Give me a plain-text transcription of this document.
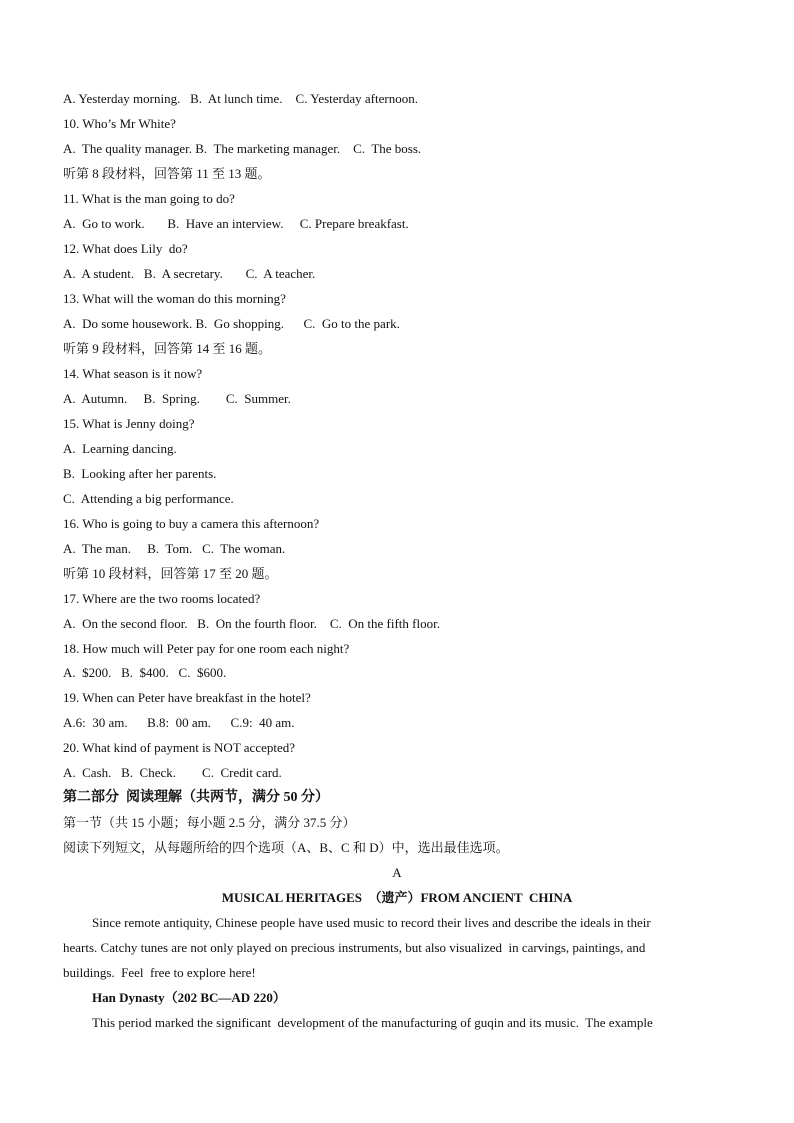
A. Yesterday morning.   B.  At lunch time.    C. Yesterday afternoon.
10. Who’s Mr White?
A.  The quality manager. B.  The marketing manager.    C.  The boss.
听第 8 段材料，回答第 11 至 13 题。
11. What is the man going to do?
A.  Go to work.       B.  Have an interview.     C. Prepare breakfast.
12. What does Lily  do?
A.  A student.   B.  A secretary.       C.  A teacher.
13. What will the woman do this morning?
A.  Do some housework. B.  Go shopping.      C.  Go to the park.
听第 9 段材料，回答第 14 至 16 题。
14. What season is it now?
A.  Autumn.     B.  Spring.        C.  Summer.
15. What is Jenny doing?
A.  Learning dancing.
B.  Looking after her parents.
C.  Attending a big performance.
16. Who is going to buy a camera this afternoon?
A.  The man.     B.  Tom.   C.  The woman.
听第 10 段材料，回答第 17 至 20 题。
17. Where are the two rooms located?
A.  On the second floor.   B.  On the fourth floor.    C.  On the fifth floor.
18. How much will Peter pay for one room each night?
A.  $200.   B.  $400.   C.  $600.
19. When can Peter have breakfast in the hotel?
A.6:  30 am.      B.8:  00 am.      C.9:  40 am.
20. What kind of payment is NOT accepted?
A.  Cash.   B.  Check.        C.  Credit card.
第二部分  阅读理解（共两节，满分 50 分）
第一节（共 15 小题；每小题 2.5 分，满分 37.5 分）
阅读下列短文，从每题所给的四个选项（A、B、C 和 D）中，选出最佳选项。
A
MUSICAL HERITAGES  （遗产）FROM ANCIENT  CHINA
Since remote antiquity, Chinese people have used music to record their lives and describe the ideals in their
hearts. Catchy tunes are not only played on precious instruments, but also visualized  in carvings, paintings, and
buildings.  Feel  free to explore here!
Han Dynasty（202 BC—AD 220）
This period marked the significant  development of the manufacturing of guqin and its music.  The example
